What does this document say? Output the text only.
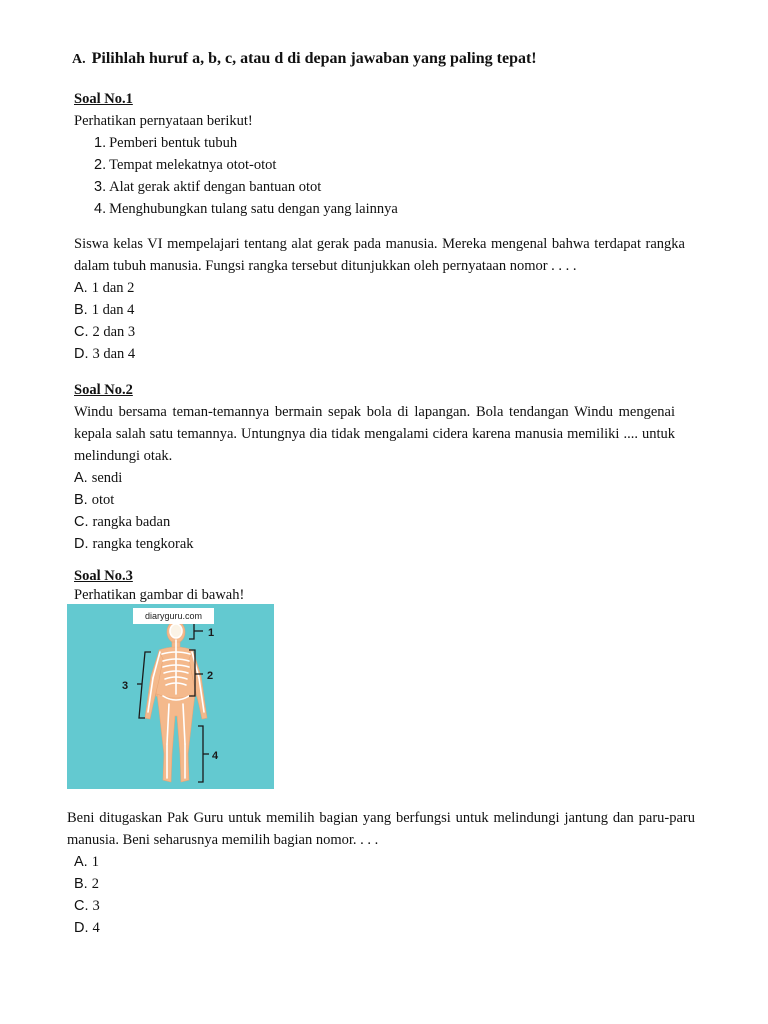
A. Pilihlah huruf a, b, c, atau d di depan jawaban yang paling tepat!
Soal No.1
Perhatikan pernyataan berikut!
1. Pemberi bentuk tubuh
2. Tempat melekatnya otot-otot
3. Alat gerak aktif dengan bantuan otot
4. Menghubungkan tulang satu dengan yang lainnya
Siswa kelas VI mempelajari tentang alat gerak pada manusia. Mereka mengenal bahwa terdapat rangka dalam tubuh manusia. Fungsi rangka tersebut ditunjukkan oleh pernyataan nomor . . . .
A. 1 dan 2
B. 1 dan 4
C. 2 dan 3
D. 3 dan 4
Soal No.2
Windu bersama teman-temannya bermain sepak bola di lapangan. Bola tendangan Windu mengenai kepala salah satu temannya. Untungnya dia tidak mengalami cidera karena manusia memiliki .... untuk melindungi otak.
A. sendi
B. otot
C. rangka badan
D. rangka tengkorak
Soal No.3
Perhatikan gambar di bawah!
1
2
3
4
diaryguru.com
Beni ditugaskan Pak Guru untuk memilih bagian yang berfungsi untuk melindungi jantung dan paru-paru manusia. Beni seharusnya memilih bagian nomor. . . .
A. 1
B. 2
C. 3
D. 4
